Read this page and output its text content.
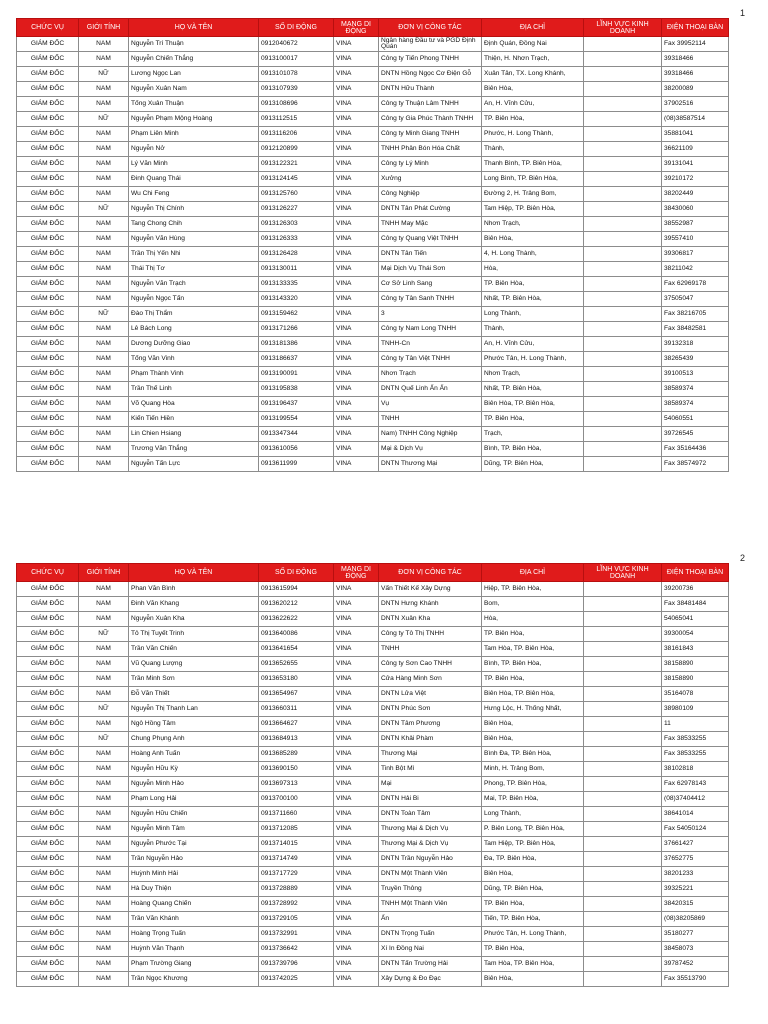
1
CHỨC VỤ	GIỚI TÍNH	HỌ VÀ TÊN	SỐ DI ĐỘNG	MẠNG DI ĐỘNG	ĐƠN VỊ CÔNG TÁC	ĐỊA CHỈ	LĨNH VỰC KINH DOANH	ĐIỆN THOẠI BÀN
GIÁM ĐỐC	NAM	Nguyễn Trí Thuận	0912040672	VINA	Ngân hàng Đầu tư và PGD Định Quán	Định Quán, Đồng Nai		Fax 39952114
GIÁM ĐỐC	NAM	Nguyễn Chiến Thắng	0913100017	VINA	Công ty Tiến Phong TNHH	Thiện, H. Nhơn Trạch,		39318466
GIÁM ĐỐC	NỮ	Lương Ngọc Lan	0913101078	VINA	DNTN Hồng Ngọc Cơ Điện Gỗ	Xuân Tân, TX. Long Khánh,		39318466
GIÁM ĐỐC	NAM	Nguyễn Xuân Nam	0913107939	VINA	DNTN Hữu Thành	Biên Hòa,		38200089
GIÁM ĐỐC	NAM	Tống Xuân Thuận	0913108696	VINA	Công ty Thuận Lâm TNHH	An, H. Vĩnh Cửu,		37902516
GIÁM ĐỐC	NỮ	Nguyễn Phạm Mộng Hoàng	0913112515	VINA	Công ty Gia Phúc Thành TNHH	TP. Biên Hòa,		(08)38587514
GIÁM ĐỐC	NAM	Phạm Liên Minh	0913116206	VINA	Công ty Minh Giang TNHH	Phước, H. Long Thành,		35881041
GIÁM ĐỐC	NAM	Nguyễn Nở	0912120899	VINA	TNHH Phân Bón Hóa Chất	Thành,		36621109
GIÁM ĐỐC	NAM	Lý Văn Minh	0913122321	VINA	Công ty Lý Minh	Thanh Bình, TP. Biên Hòa,		39131041
GIÁM ĐỐC	NAM	Đinh Quang Thái	0913124145	VINA	Xưởng	Long Bình, TP. Biên Hòa,		39210172
GIÁM ĐỐC	NAM	Wu Chi Feng	0913125760	VINA	Công Nghiệp	Đường 2, H. Trảng Bom,		38202449
GIÁM ĐỐC	NỮ	Nguyễn Thị Chính	0913126227	VINA	DNTN Tân Phát Cường	Tam Hiệp, TP. Biên Hòa,		38430060
GIÁM ĐỐC	NAM	Tang Chong Chih	0913126303	VINA	TNHH May Mặc	Nhơn Trạch,		38552987
GIÁM ĐỐC	NAM	Nguyễn Văn Hùng	0913126333	VINA	Công ty Quang Việt TNHH	Biên Hòa,		39557410
GIÁM ĐỐC	NAM	Trần Thị Yến Nhi	0913126428	VINA	DNTN Tân Tiến	4, H. Long Thành,		39306817
GIÁM ĐỐC	NAM	Thái Thị Tơ	0913130011	VINA	Mại Dịch Vụ Thái Sơn	Hòa,		38211042
GIÁM ĐỐC	NAM	Nguyễn Văn Trạch	0913133335	VINA	Cơ Sở Linh Sang	TP. Biên Hòa,		Fax 62969178
GIÁM ĐỐC	NAM	Nguyễn Ngọc Tấn	0913143320	VINA	Công ty Tân Sanh TNHH	Nhất, TP. Biên Hòa,		37505047
GIÁM ĐỐC	NỮ	Đào Thị Thẩm	0913159462	VINA	3	Long Thành,		Fax 38216705
GIÁM ĐỐC	NAM	Lê Bách Long	0913171266	VINA	Công ty Nam Long TNHH	Thành,		Fax 38482581
GIÁM ĐỐC	NAM	Dương Dưỡng Giao	0913181386	VINA	TNHH-Cn	An, H. Vĩnh Cửu,		39132318
GIÁM ĐỐC	NAM	Tống Văn Vinh	0913186637	VINA	Công ty Tân Việt TNHH	Phước Tân, H. Long Thành,		38265439
GIÁM ĐỐC	NAM	Phạm Thành Vinh	0913190091	VINA	Nhơn Trạch	Nhơn Trạch,		39100513
GIÁM ĐỐC	NAM	Trần Thế Linh	0913195838	VINA	DNTN Quế Linh Ấn Ấn	Nhất, TP. Biên Hòa,		38589374
GIÁM ĐỐC	NAM	Võ Quang Hòa	0913196437	VINA	Vụ	Biên Hòa, TP. Biên Hòa,		38589374
GIÁM ĐỐC	NAM	Kiến Tiến Hiền	0913199554	VINA	TNHH	TP. Biên Hòa,		54060551
GIÁM ĐỐC	NAM	Lin Chien Hsiang	0913347344	VINA	Nam) TNHH Công Nghiệp	Trạch,		39726545
GIÁM ĐỐC	NAM	Trương Văn Thắng	0913610056	VINA	Mại & Dịch Vụ	Bình, TP. Biên Hòa,		Fax 35164436
GIÁM ĐỐC	NAM	Nguyễn Tấn Lực	0913611999	VINA	DNTN Thương Mại	Dũng, TP. Biên Hòa,		Fax 38574972
2
CHỨC VỤ	GIỚI TÍNH	HỌ VÀ TÊN	SỐ DI ĐỘNG	MẠNG DI ĐỘNG	ĐƠN VỊ CÔNG TÁC	ĐỊA CHỈ	LĨNH VỰC KINH DOANH	ĐIỆN THOẠI BÀN
GIÁM ĐỐC	NAM	Phan Văn Bình	0913615994	VINA	Vấn Thiết Kế Xây Dựng	Hiệp, TP. Biên Hòa,		39200736
GIÁM ĐỐC	NAM	Đinh Văn Khang	0913620212	VINA	DNTN Hưng Khánh	Bom,		Fax 38481484
GIÁM ĐỐC	NAM	Nguyễn Xuân Kha	0913622622	VINA	DNTN Xuân Kha	Hòa,		54065041
GIÁM ĐỐC	NỮ	Tô Thị Tuyết Trinh	0913640086	VINA	Công ty Tô Thị TNHH	TP. Biên Hòa,		39300054
GIÁM ĐỐC	NAM	Trần Văn Chiến	0913641654	VINA	TNHH	Tam Hòa, TP. Biên Hòa,		38161843
GIÁM ĐỐC	NAM	Vũ Quang Lượng	0913652655	VINA	Công ty Sơn Cao TNHH	Bình, TP. Biên Hòa,		38158890
GIÁM ĐỐC	NAM	Trần Minh Sơn	0913653180	VINA	Cửa Hàng Minh Sơn	TP. Biên Hòa,		38158890
GIÁM ĐỐC	NAM	Đỗ Văn Thiết	0913654967	VINA	DNTN Lửa Việt	Biên Hòa, TP. Biên Hòa,		35164078
GIÁM ĐỐC	NỮ	Nguyễn Thị Thanh Lan	0913660311	VINA	DNTN Phúc Sơn	Hưng Lộc, H. Thống Nhất,		38980109
GIÁM ĐỐC	NAM	Ngô Hồng Tâm	0913664627	VINA	DNTN Tâm Phương	Biên Hòa,		11
GIÁM ĐỐC	NỮ	Chung Phụng Anh	0913684913	VINA	DNTN Khải Phàm	Biên Hòa,		Fax 38533255
GIÁM ĐỐC	NAM	Hoàng Anh Tuấn	0913685289	VINA	Thương Mại	Bình Đa, TP. Biên Hòa,		Fax 38533255
GIÁM ĐỐC	NAM	Nguyễn Hữu Kỳ	0913690150	VINA	Tinh Bột Mì	Minh, H. Trảng Bom,		38102818
GIÁM ĐỐC	NAM	Nguyễn Minh Hảo	0913697313	VINA	Mại	Phong, TP. Biên Hòa,		Fax 62978143
GIÁM ĐỐC	NAM	Phạm Long Hải	0913700100	VINA	DNTN Hải Bi	Mai, TP. Biên Hòa,		(08)37404412
GIÁM ĐỐC	NAM	Nguyễn Hữu Chiến	0913711660	VINA	DNTN Toàn Tâm	Long Thành,		38641014
GIÁM ĐỐC	NAM	Nguyễn Minh Tâm	0913712085	VINA	Thương Mại & Dịch Vụ	P. Biên Long, TP. Biên Hòa,		Fax 54050124
GIÁM ĐỐC	NAM	Nguyễn Phước Tại	0913714015	VINA	Thương Mại & Dịch Vụ	Tam Hiệp, TP. Biên Hòa,		37661427
GIÁM ĐỐC	NAM	Trần Nguyễn Hảo	0913714749	VINA	DNTN Trần Nguyễn Hảo	Đa, TP. Biên Hòa,		37652775
GIÁM ĐỐC	NAM	Huỳnh Minh Hải	0913717729	VINA	DNTN Một Thành Viên	Biên Hòa,		38201233
GIÁM ĐỐC	NAM	Hà Duy Thiện	0913728889	VINA	Truyền Thông	Dũng, TP. Biên Hòa,		39325221
GIÁM ĐỐC	NAM	Hoàng Quang Chiến	0913728992	VINA	TNHH Một Thành Viên	TP. Biên Hòa,		38420315
GIÁM ĐỐC	NAM	Trần Văn Khánh	0913729105	VINA	Ấn	Tiến, TP. Biên Hòa,		(08)38205869
GIÁM ĐỐC	NAM	Hoàng Trọng Tuấn	0913732991	VINA	DNTN Trọng Tuấn	Phước Tân, H. Long Thành,		35180277
GIÁM ĐỐC	NAM	Huỳnh Văn Thạnh	0913736642	VINA	Xí In Đồng Nai	TP. Biên Hòa,		38458073
GIÁM ĐỐC	NAM	Phạm Trường Giang	0913739796	VINA	DNTN Tấn Trường Hải	Tam Hòa, TP. Biên Hòa,		39787452
GIÁM ĐỐC	NAM	Trần Ngọc Khương	0913742025	VINA	Xây Dựng & Đo Đạc	Biên Hòa,		Fax 35513790
